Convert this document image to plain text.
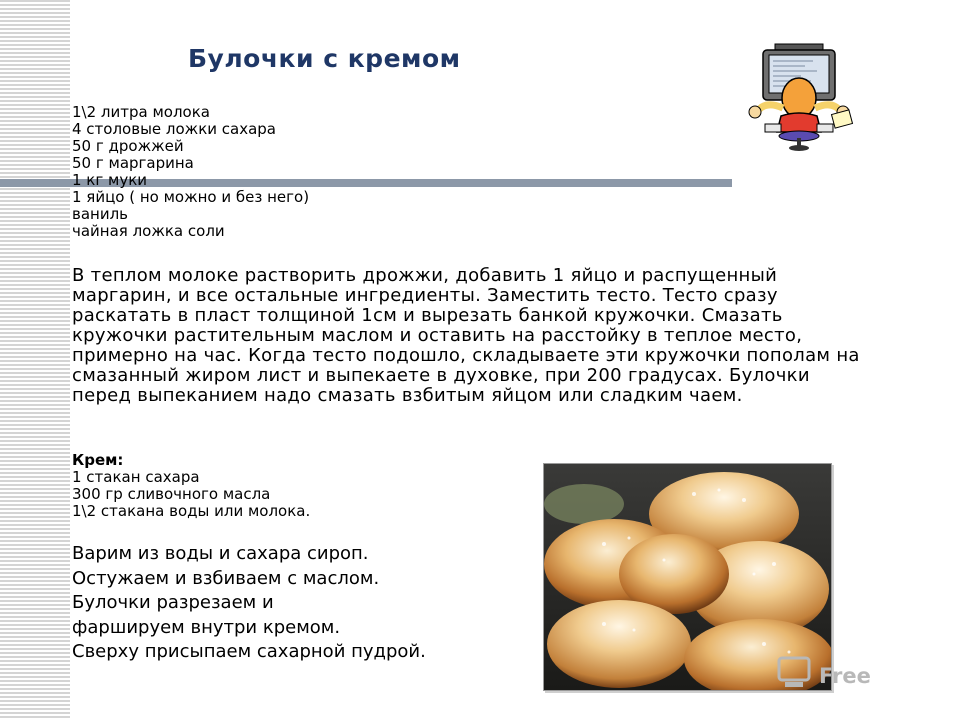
Булочки с кремом
1\2 литра молока
4 столовые ложки сахара
50 г дрожжей
50 г маргарина
1 кг муки
1 яйцо ( но можно и без него)
ваниль
чайная ложка соли
В теплом молоке растворить дрожжи, добавить 1 яйцо и распущенный маргарин, и все остальные ингредиенты. Заместить тесто. Тесто сразу раскатать в пласт толщиной 1см и вырезать банкой кружочки. Смазать кружочки растительным маслом и оставить на расстойку в теплое место, примерно на час. Когда тесто подошло, складываете эти кружочки пополам на смазанный жиром лист и выпекаете в духовке, при 200 градусах. Булочки перед выпеканием надо смазать взбитым яйцом или сладким чаем.
Крем:
1 стакан сахара
300 гр сливочного масла
1\2 стакана воды или молока.
Варим из воды и сахара сироп.
Остужаем и взбиваем с маслом.
Булочки разрезаем и
фаршируем внутри кремом.
Сверху присыпаем сахарной пудрой.
Free
